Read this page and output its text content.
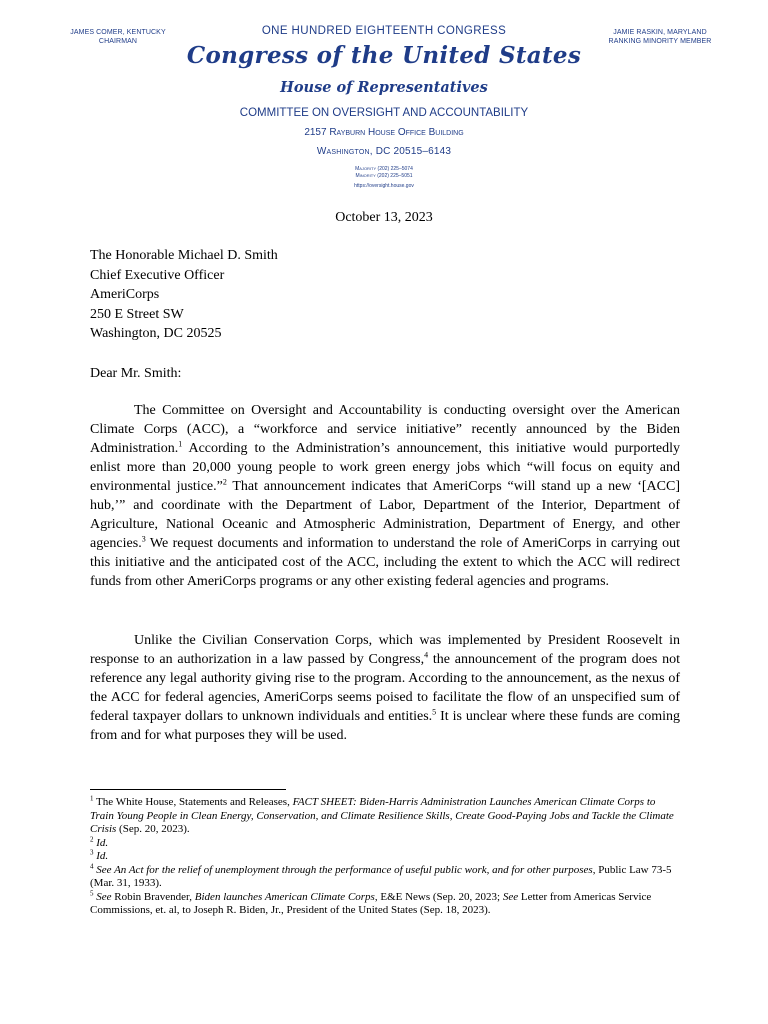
JAMES COMER, KENTUCKY
CHAIRMAN
JAMIE RASKIN, MARYLAND
RANKING MINORITY MEMBER
ONE HUNDRED EIGHTEENTH CONGRESS
Congress of the United States
House of Representatives
COMMITTEE ON OVERSIGHT AND ACCOUNTABILITY
2157 Rayburn House Office Building
Washington, DC 20515–6143
Majority (202) 225–5074
Minority (202) 225–5051
https://oversight.house.gov
October 13, 2023
The Honorable Michael D. Smith
Chief Executive Officer
AmeriCorps
250 E Street SW
Washington, DC 20525
Dear Mr. Smith:

The Committee on Oversight and Accountability is conducting oversight over the American Climate Corps (ACC), a “workforce and service initiative” recently announced by the Biden Administration.$^1$ According to the Administration’s announcement, this initiative would purportedly enlist more than 20,000 young people to work green energy jobs which “will focus on equity and environmental justice.”$^2$ That announcement indicates that AmeriCorps “will stand up a new ‘[ACC] hub,’” and coordinate with the Department of Labor, Department of the Interior, Department of Agriculture, National Oceanic and Atmospheric Administration, Department of Energy, and other agencies.$^3$ We request documents and information to understand the role of AmeriCorps in carrying out this initiative and the anticipated cost of the ACC, including the extent to which the ACC will redirect funds from other AmeriCorps programs or any other existing federal agencies and programs.

Unlike the Civilian Conservation Corps, which was implemented by President Roosevelt in response to an authorization in a law passed by Congress,$^4$ the announcement of the program does not reference any legal authority giving rise to the program. According to the announcement, as the nexus of the ACC for federal agencies, AmeriCorps seems poised to facilitate the flow of an unspecified sum of federal taxpayer dollars to unknown individuals and entities.$^5$ It is unclear where these funds are coming from and for what purposes they will be used.

$^1$ The White House, Statements and Releases, FACT SHEET: Biden-Harris Administration Launches American Climate Corps to Train Young People in Clean Energy, Conservation, and Climate Resilience Skills, Create Good-Paying Jobs and Tackle the Climate Crisis (Sep. 20, 2023).

$^2$ Id.

$^3$ Id.

$^4$ See An Act for the relief of unemployment through the performance of useful public work, and for other purposes, Public Law 73-5 (Mar. 31, 1933).

$^5$ See Robin Bravender, Biden launches American Climate Corps, E&E News (Sep. 20, 2023; See Letter from Americas Service Commissions, et. al, to Joseph R. Biden, Jr., President of the United States (Sep. 18, 2023).
